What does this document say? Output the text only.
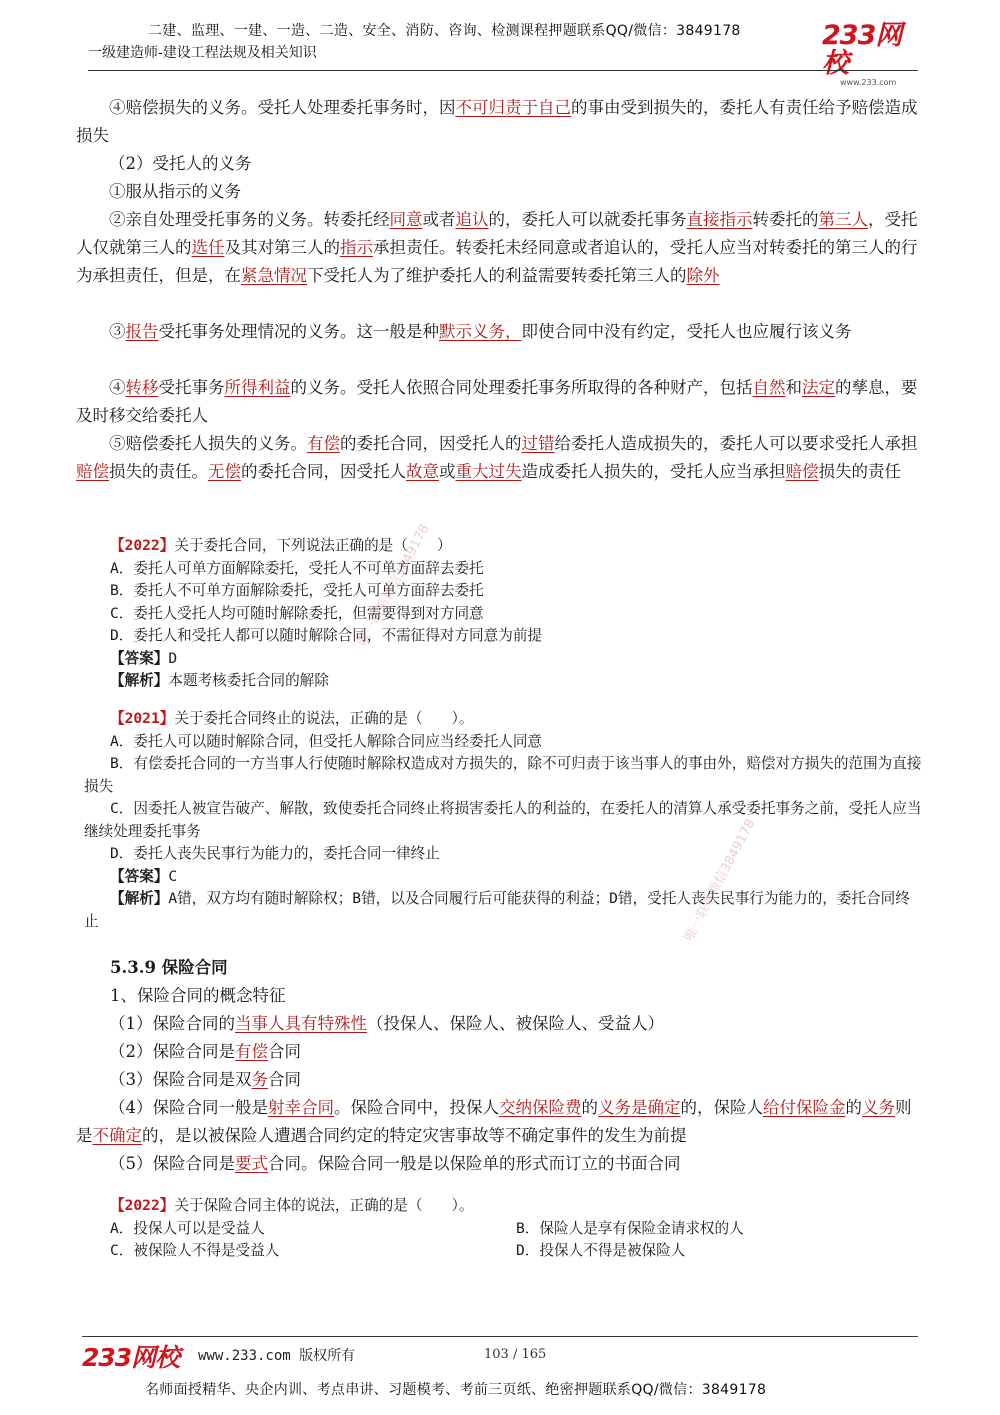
二建、监理、一建、一造、二造、安全、消防、咨询、检测课程押题联系QQ/微信：3849178
一级建造师-建设工程法规及相关知识
233网校
www.233.com
④赔偿损失的义务。受托人处理委托事务时，因不可归责于自己的事由受到损失的，委托人有责任给予赔偿造成损失
（2）受托人的义务
①服从指示的义务
②亲自处理受托事务的义务。转委托经同意或者追认的，委托人可以就委托事务直接指示转委托的第三人，受托人仅就第三人的选任及其对第三人的指示承担责任。转委托未经同意或者追认的，受托人应当对转委托的第三人的行为承担责任，但是，在紧急情况下受托人为了维护委托人的利益需要转委托第三人的除外
③报告受托事务处理情况的义务。这一般是种默示义务，即使合同中没有约定，受托人也应履行该义务
④转移受托事务所得利益的义务。受托人依照合同处理委托事务所取得的各种财产，包括自然和法定的孳息，要及时移交给委托人
⑤赔偿委托人损失的义务。有偿的委托合同，因受托人的过错给委托人造成损失的，委托人可以要求受托人承担赔偿损失的责任。无偿的委托合同，因受托人故意或重大过失造成委托人损失的，受托人应当承担赔偿损失的责任
【2022】关于委托合同，下列说法正确的是（　　）
A．委托人可单方面解除委托，受托人不可单方面辞去委托
B．委托人不可单方面解除委托，受托人可单方面辞去委托
C．委托人受托人均可随时解除委托，但需要得到对方同意
D．委托人和受托人都可以随时解除合同，不需征得对方同意为前提
【答案】D
【解析】本题考核委托合同的解除
【2021】关于委托合同终止的说法，正确的是（　　）。
A．委托人可以随时解除合同，但受托人解除合同应当经委托人同意
B．有偿委托合同的一方当事人行使随时解除权造成对方损失的，除不可归责于该当事人的事由外，赔偿对方损失的范围为直接损失
C．因委托人被宣告破产、解散，致使委托合同终止将损害委托人的利益的，在委托人的清算人承受委托事务之前，受托人应当继续处理委托事务
D．委托人丧失民事行为能力的，委托合同一律终止
【答案】C
【解析】A错，双方均有随时解除权；B错，以及合同履行后可能获得的利益；D错，受托人丧失民事行为能力的，委托合同终止
5.3.9 保险合同
1、保险合同的概念特征
（1）保险合同的当事人具有特殊性（投保人、保险人、被保险人、受益人）
（2）保险合同是有偿合同
（3）保险合同是双务合同
（4）保险合同一般是射幸合同。保险合同中，投保人交纳保险费的义务是确定的，保险人给付保险金的义务则是不确定的，是以被保险人遭遇合同约定的特定灾害事故等不确定事件的发生为前提
（5）保险合同是要式合同。保险合同一般是以保险单的形式而订立的书面合同
【2022】关于保险合同主体的说法，正确的是（　　）。
A．投保人可以是受益人	B．保险人是享有保险金请求权的人
C．被保险人不得是受益人	D．投保人不得是被保险人
唯一联系微信3849178
唯一联系微信3849178
233网校 www.233.com 版权所有	103 / 165
名师面授精华、央企内训、考点串讲、习题模考、考前三页纸、绝密押题联系QQ/微信：3849178
